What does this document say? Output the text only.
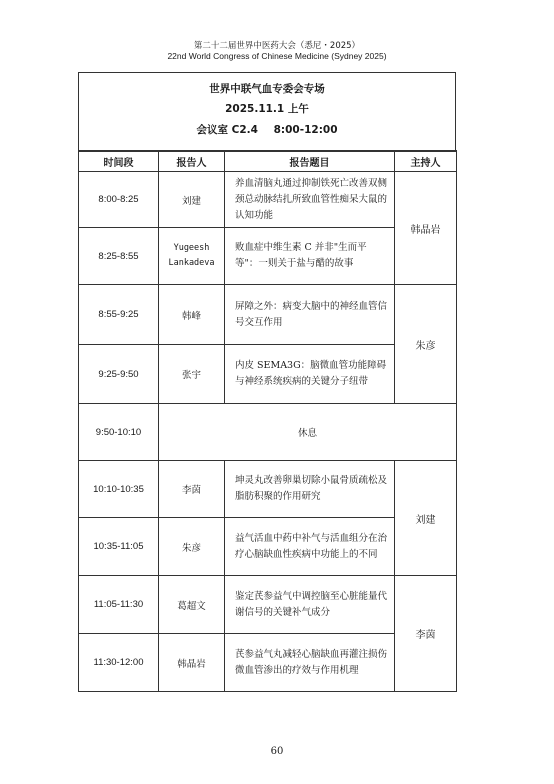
第二十二届世界中医药大会（悉尼・2025）
22nd World Congress of Chinese Medicine (Sydney 2025)
世界中联气血专委会专场
2025.11.1 上午
会议室 C2.4 8:00-12:00
时间段	报告人	报告题目	主持人
8:00-8:25	刘建	养血清脑丸通过抑制铁死亡改善双侧颈总动脉结扎所致血管性痴呆大鼠的认知功能	韩晶岩
8:25-8:55	Yugeesh Lankadeva	败血症中维生素 C 并非"生而平等"：一则关于盐与醋的故事	
8:55-9:25	韩峰	屏障之外：病变大脑中的神经血管信号交互作用	朱彦
9:25-9:50	张宇	内皮 SEMA3G：脑微血管功能障碍与神经系统疾病的关键分子纽带	
9:50-10:10	休息		
10:10-10:35	李茵	坤灵丸改善卵巢切除小鼠骨质疏松及脂肪积聚的作用研究	刘建
10:35-11:05	朱彦	益气活血中药中补气与活血组分在治疗心脑缺血性疾病中功能上的不同	
11:05-11:30	葛超文	鉴定芪参益气中调控脑至心脏能量代谢信号的关键补气成分	李茵
11:30-12:00	韩晶岩	芪参益气丸减轻心脑缺血再灌注损伤微血管渗出的疗效与作用机理	
60
